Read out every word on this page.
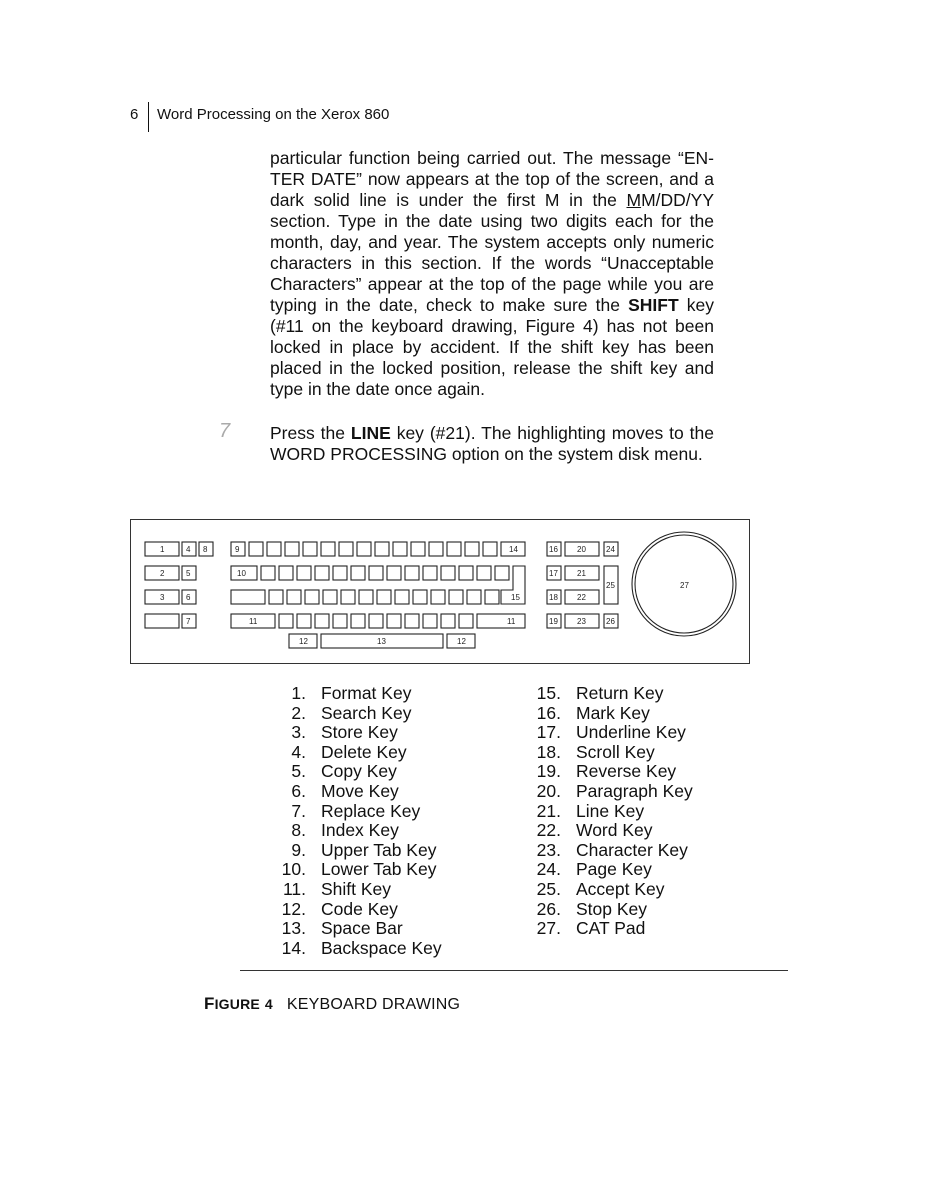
6	Word Processing on the Xerox 860

particular function being carried out. The message “EN-TER DATE” now appears at the top of the screen, and a dark solid line is under the first M in the MM/DD/YY section. Type in the date using two digits each for the month, day, and year. The system accepts only numeric characters in this section. If the words “Unacceptable Characters” appear at the top of the page while you are typing in the date, check to make sure the SHIFT key (#11 on the keyboard drawing, Figure 4) has not been locked in place by accident. If the shift key has been placed in the locked position, release the shift key and type in the date once again.

7 Press the LINE key (#21). The highlighting moves to the WORD PROCESSING option on the system disk menu.
1
2
3
4
5
6
7
8	9	14
10
15
11	11
12	13	12
16
17
18
19
20
21
22
23
24
25
26
27
1. Format Key
2. Search Key
3. Store Key
4. Delete Key
5. Copy Key
6. Move Key
7. Replace Key
8. Index Key
9. Upper Tab Key
10. Lower Tab Key
11. Shift Key
12. Code Key
13. Space Bar
14. Backspace Key
15. Return Key
16. Mark Key
17. Underline Key
18. Scroll Key
19. Reverse Key
20. Paragraph Key
21. Line Key
22. Word Key
23. Character Key
24. Page Key
25. Accept Key
26. Stop Key
27. CAT Pad
FIGURE 4 KEYBOARD DRAWING
